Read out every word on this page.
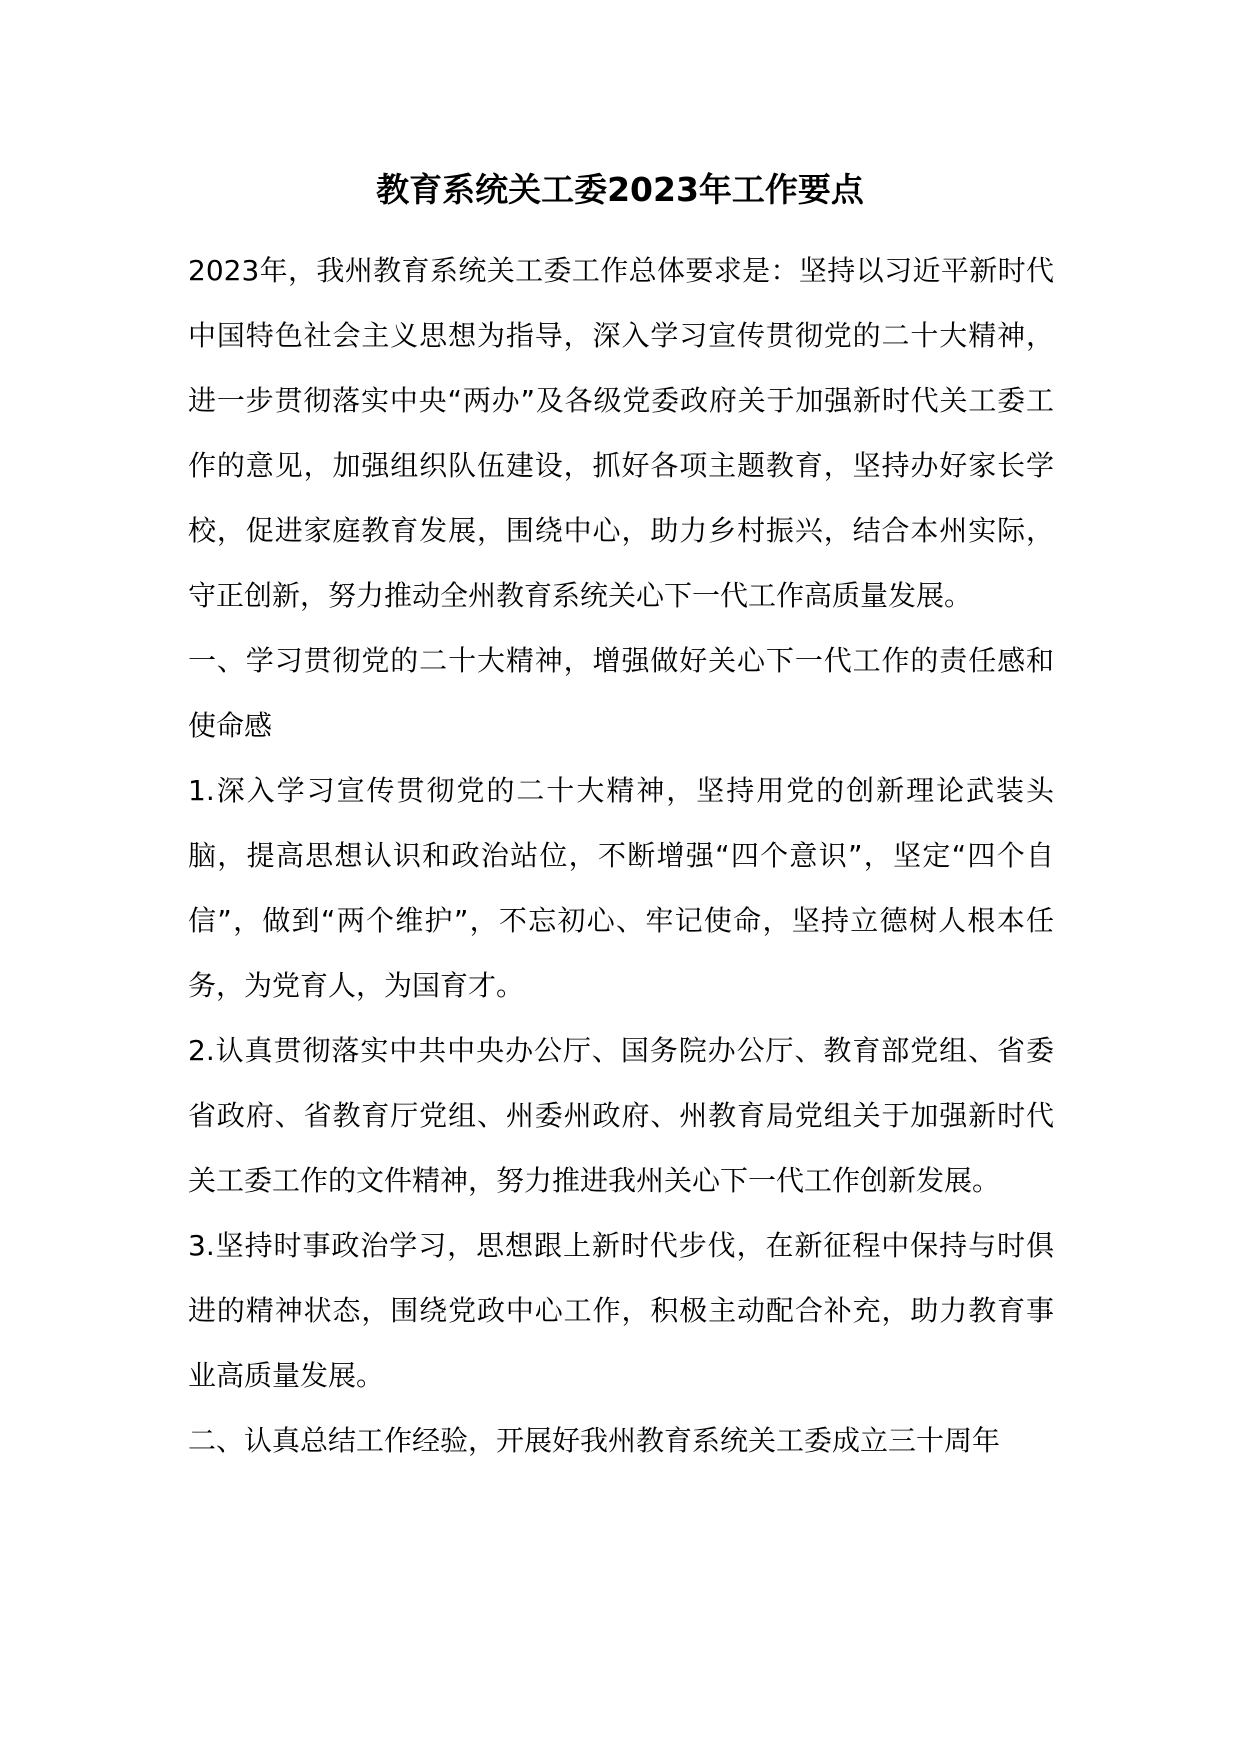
教育系统关工委2023年工作要点

2023年，我州教育系统关工委工作总体要求是：坚持以习近平新时代中国特色社会主义思想为指导，深入学习宣传贯彻党的二十大精神，进一步贯彻落实中央“两办”及各级党委政府关于加强新时代关工委工作的意见，加强组织队伍建设，抓好各项主题教育，坚持办好家长学校，促进家庭教育发展，围绕中心，助力乡村振兴，结合本州实际，守正创新，努力推动全州教育系统关心下一代工作高质量发展。

一、学习贯彻党的二十大精神，增强做好关心下一代工作的责任感和使命感

1.深入学习宣传贯彻党的二十大精神，坚持用党的创新理论武装头脑，提高思想认识和政治站位，不断增强“四个意识”，坚定“四个自信”，做到“两个维护”，不忘初心、牢记使命，坚持立德树人根本任务，为党育人，为国育才。

2.认真贯彻落实中共中央办公厅、国务院办公厅、教育部党组、省委省政府、省教育厅党组、州委州政府、州教育局党组关于加强新时代关工委工作的文件精神，努力推进我州关心下一代工作创新发展。

3.坚持时事政治学习，思想跟上新时代步伐，在新征程中保持与时俱进的精神状态，围绕党政中心工作，积极主动配合补充，助力教育事业高质量发展。

二、认真总结工作经验，开展好我州教育系统关工委成立三十周年
